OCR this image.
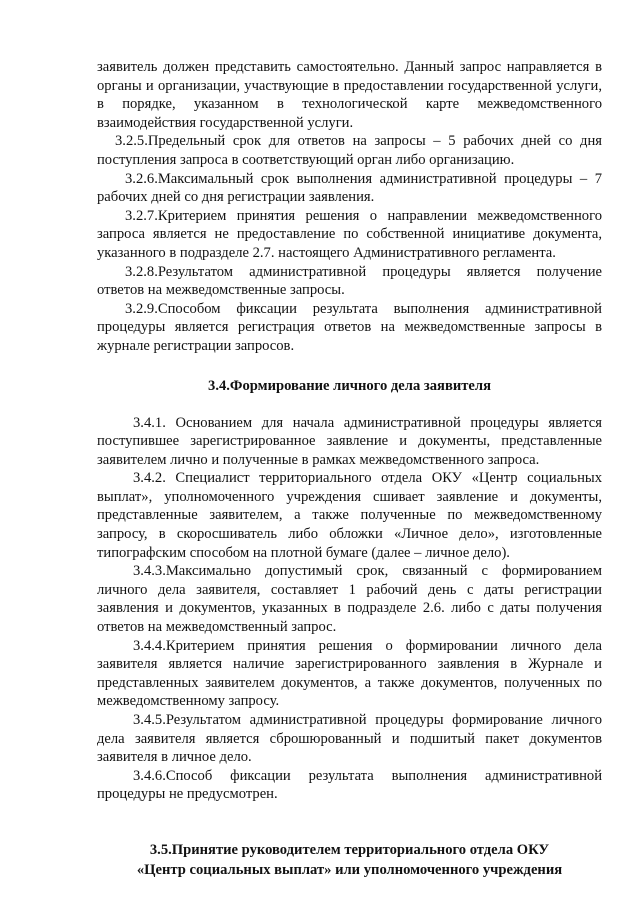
заявитель должен представить самостоятельно. Данный запрос направляется в органы и организации, участвующие в предоставлении государственной услуги, в порядке, указанном в технологической карте межведомственного взаимодействия государственной услуги.

3.2.5.Предельный срок для ответов на запросы – 5 рабочих дней со дня поступления запроса в соответствующий орган либо организацию.

3.2.6.Максимальный срок выполнения административной процедуры – 7 рабочих дней со дня регистрации заявления.

3.2.7.Критерием принятия решения о направлении межведомственного запроса является не предоставление по собственной инициативе документа, указанного в подразделе 2.7. настоящего Административного регламента.

3.2.8.Результатом административной процедуры является получение ответов на межведомственные запросы.

3.2.9.Способом фиксации результата выполнения административной процедуры является регистрация ответов на межведомственные запросы в журнале регистрации запросов.

3.4.Формирование личного дела заявителя

3.4.1. Основанием для начала административной процедуры является поступившее зарегистрированное заявление и документы, представленные заявителем лично и полученные в рамках межведомственного запроса.

3.4.2. Специалист территориального отдела ОКУ «Центр социальных выплат», уполномоченного учреждения сшивает заявление и документы, представленные заявителем, а также полученные по межведомственному запросу, в скоросшиватель либо обложки «Личное дело», изготовленные типографским способом на плотной бумаге (далее – личное дело).

3.4.3.Максимально допустимый срок, связанный с формированием личного дела заявителя, составляет 1 рабочий день с даты регистрации заявления и документов, указанных в подразделе 2.6. либо с даты получения ответов на межведомственный запрос.

3.4.4.Критерием принятия решения о формировании личного дела заявителя является наличие зарегистрированного заявления в Журнале и представленных заявителем документов, а также документов, полученных по межведомственному запросу.

3.4.5.Результатом административной процедуры формирование личного дела заявителя является сброшюрованный и подшитый пакет документов заявителя в личное дело.

3.4.6.Способ фиксации результата выполнения административной процедуры не предусмотрен.

3.5.Принятие руководителем территориального отдела ОКУ

«Центр социальных выплат» или уполномоченного учреждения
